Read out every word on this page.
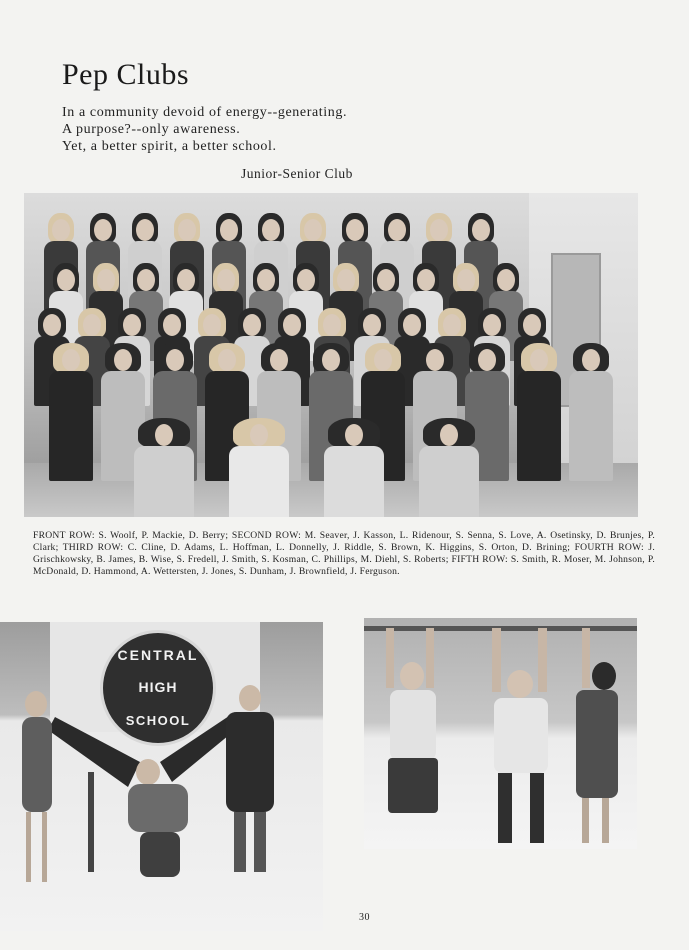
Pep Clubs
In a community devoid of energy--generating.
A purpose?--only awareness.
Yet, a better spirit, a better school.
Junior-Senior Club
FRONT ROW: S. Woolf, P. Mackie, D. Berry; SECOND ROW: M. Seaver, J. Kasson, L. Ridenour, S. Senna, S. Love, A. Osetinsky, D. Brunjes, P. Clark; THIRD ROW: C. Cline, D. Adams, L. Hoffman, L. Donnelly, J. Riddle, S. Brown, K. Higgins, S. Orton, D. Brining; FOURTH ROW: J. Grischkowsky, B. James, B. Wise, S. Fredell, J. Smith, S. Kosman, C. Phillips, M. Diehl, S. Roberts; FIFTH ROW: S. Smith, R. Moser, M. Johnson, P. McDonald, D. Hammond, A. Wettersten, J. Jones, S. Dunham, J. Brownfield, J. Ferguson.
CENTRAL
HIGH
SCHOOL
30
